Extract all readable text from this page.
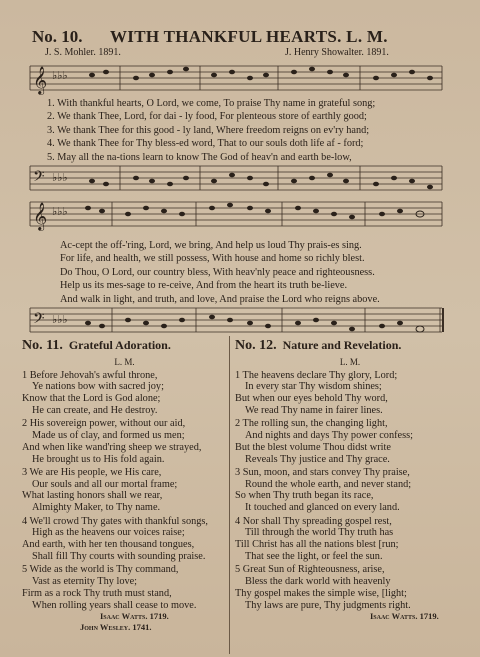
No. 10. WITH THANKFUL HEARTS. L. M.
J. S. Mohler. 1891.	J. Henry Showalter. 1891.
𝄞 ♭♭♭
1. With thankful hearts, O Lord, we come, To praise Thy name in grateful song;
2. We thank Thee, Lord, for dai - ly food, For plenteous store of earthly good;
3. We thank Thee for this good - ly land, Where freedom reigns on ev'ry hand;
4. We thank Thee for Thy bless-ed word, That to our souls doth life af - ford;
5. May all the na-tions learn to know The God of heav'n and earth be-low,
𝄢 ♭♭♭
𝄞 ♭♭♭
Ac-cept the off-'ring, Lord, we bring, And help us loud Thy prais-es sing.
For life, and health, we still possess, With house and home so richly blest.
Do Thou, O Lord, our country bless, With heav'nly peace and righteousness.
Help us its mes-sage to re-ceive, And from the heart its truth be-lieve.
And walk in light, and truth, and love, And praise the Lord who reigns above.
𝄢 ♭♭♭
No. 11. Grateful Adoration.
L. M.
1 Before Jehovah's awful throne,
Ye nations bow with sacred joy;
Know that the Lord is God alone;
He can create, and He destroy.
2 His sovereign power, without our aid,
Made us of clay, and formed us men;
And when like wand'ring sheep we strayed,
He brought us to His fold again.
3 We are His people, we His care,
Our souls and all our mortal frame;
What lasting honors shall we rear,
Almighty Maker, to Thy name.
4 We'll crowd Thy gates with thankful songs,
High as the heavens our voices raise;
And earth, with her ten thousand tongues,
Shall fill Thy courts with sounding praise.
5 Wide as the world is Thy command,
Vast as eternity Thy love;
Firm as a rock Thy truth must stand,
When rolling years shall cease to move.
Isaac Watts. 1719.
John Wesley. 1741.
No. 12. Nature and Revelation.
L. M.
1 The heavens declare Thy glory, Lord;
In every star Thy wisdom shines;
But when our eyes behold Thy word,
We read Thy name in fairer lines.
2 The rolling sun, the changing light,
And nights and days Thy power confess;
But the blest volume Thou didst write
Reveals Thy justice and Thy grace.
3 Sun, moon, and stars convey Thy praise,
Round the whole earth, and never stand;
So when Thy truth began its race,
It touched and glanced on every land.
4 Nor shall Thy spreading gospel rest,
Till through the world Thy truth has
Till Christ has all the nations blest [run;
That see the light, or feel the sun.
5 Great Sun of Righteousness, arise,
Bless the dark world with heavenly
Thy gospel makes the simple wise, [light;
Thy laws are pure, Thy judgments right.
Isaac Watts. 1719.
